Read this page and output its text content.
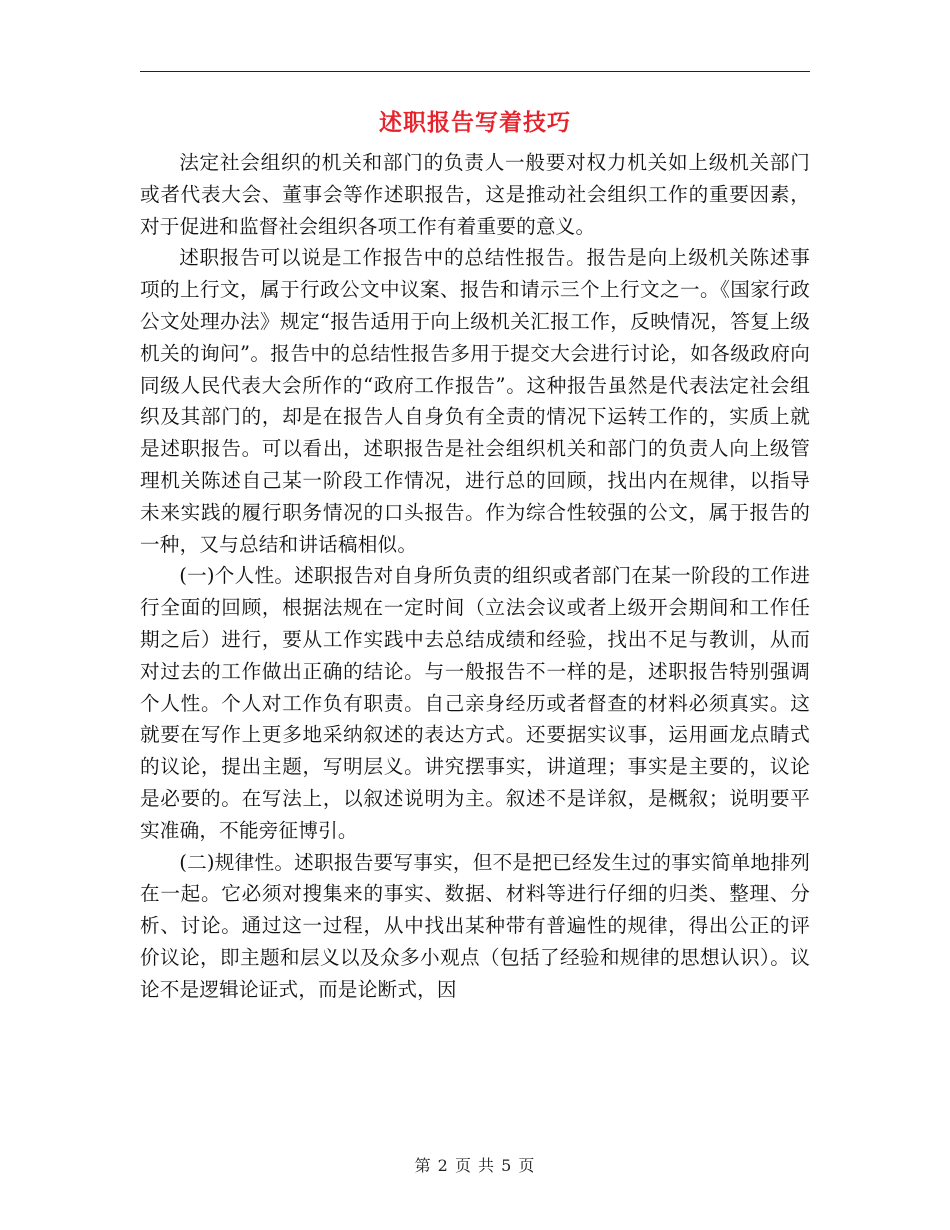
述职报告写着技巧

法定社会组织的机关和部门的负责人一般要对权力机关如上级机关部门或者代表大会、董事会等作述职报告，这是推动社会组织工作的重要因素，对于促进和监督社会组织各项工作有着重要的意义。

述职报告可以说是工作报告中的总结性报告。报告是向上级机关陈述事项的上行文，属于行政公文中议案、报告和请示三个上行文之一。《国家行政公文处理办法》规定“报告适用于向上级机关汇报工作，反映情况，答复上级机关的询问”。报告中的总结性报告多用于提交大会进行讨论，如各级政府向同级人民代表大会所作的“政府工作报告”。这种报告虽然是代表法定社会组织及其部门的，却是在报告人自身负有全责的情况下运转工作的，实质上就是述职报告。可以看出，述职报告是社会组织机关和部门的负责人向上级管理机关陈述自己某一阶段工作情况，进行总的回顾，找出内在规律，以指导未来实践的履行职务情况的口头报告。作为综合性较强的公文，属于报告的一种，又与总结和讲话稿相似。

(一)个人性。述职报告对自身所负责的组织或者部门在某一阶段的工作进行全面的回顾，根据法规在一定时间（立法会议或者上级开会期间和工作任期之后）进行，要从工作实践中去总结成绩和经验，找出不足与教训，从而对过去的工作做出正确的结论。与一般报告不一样的是，述职报告特别强调个人性。个人对工作负有职责。自己亲身经历或者督查的材料必须真实。这就要在写作上更多地采纳叙述的表达方式。还要据实议事，运用画龙点睛式的议论，提出主题，写明层义。讲究摆事实，讲道理；事实是主要的，议论是必要的。在写法上，以叙述说明为主。叙述不是详叙，是概叙；说明要平实准确，不能旁征博引。

(二)规律性。述职报告要写事实，但不是把已经发生过的事实简单地排列在一起。它必须对搜集来的事实、数据、材料等进行仔细的归类、整理、分析、讨论。通过这一过程，从中找出某种带有普遍性的规律，得出公正的评价议论，即主题和层义以及众多小观点（包括了经验和规律的思想认识）。议论不是逻辑论证式，而是论断式，因

第 2 页 共 5 页
